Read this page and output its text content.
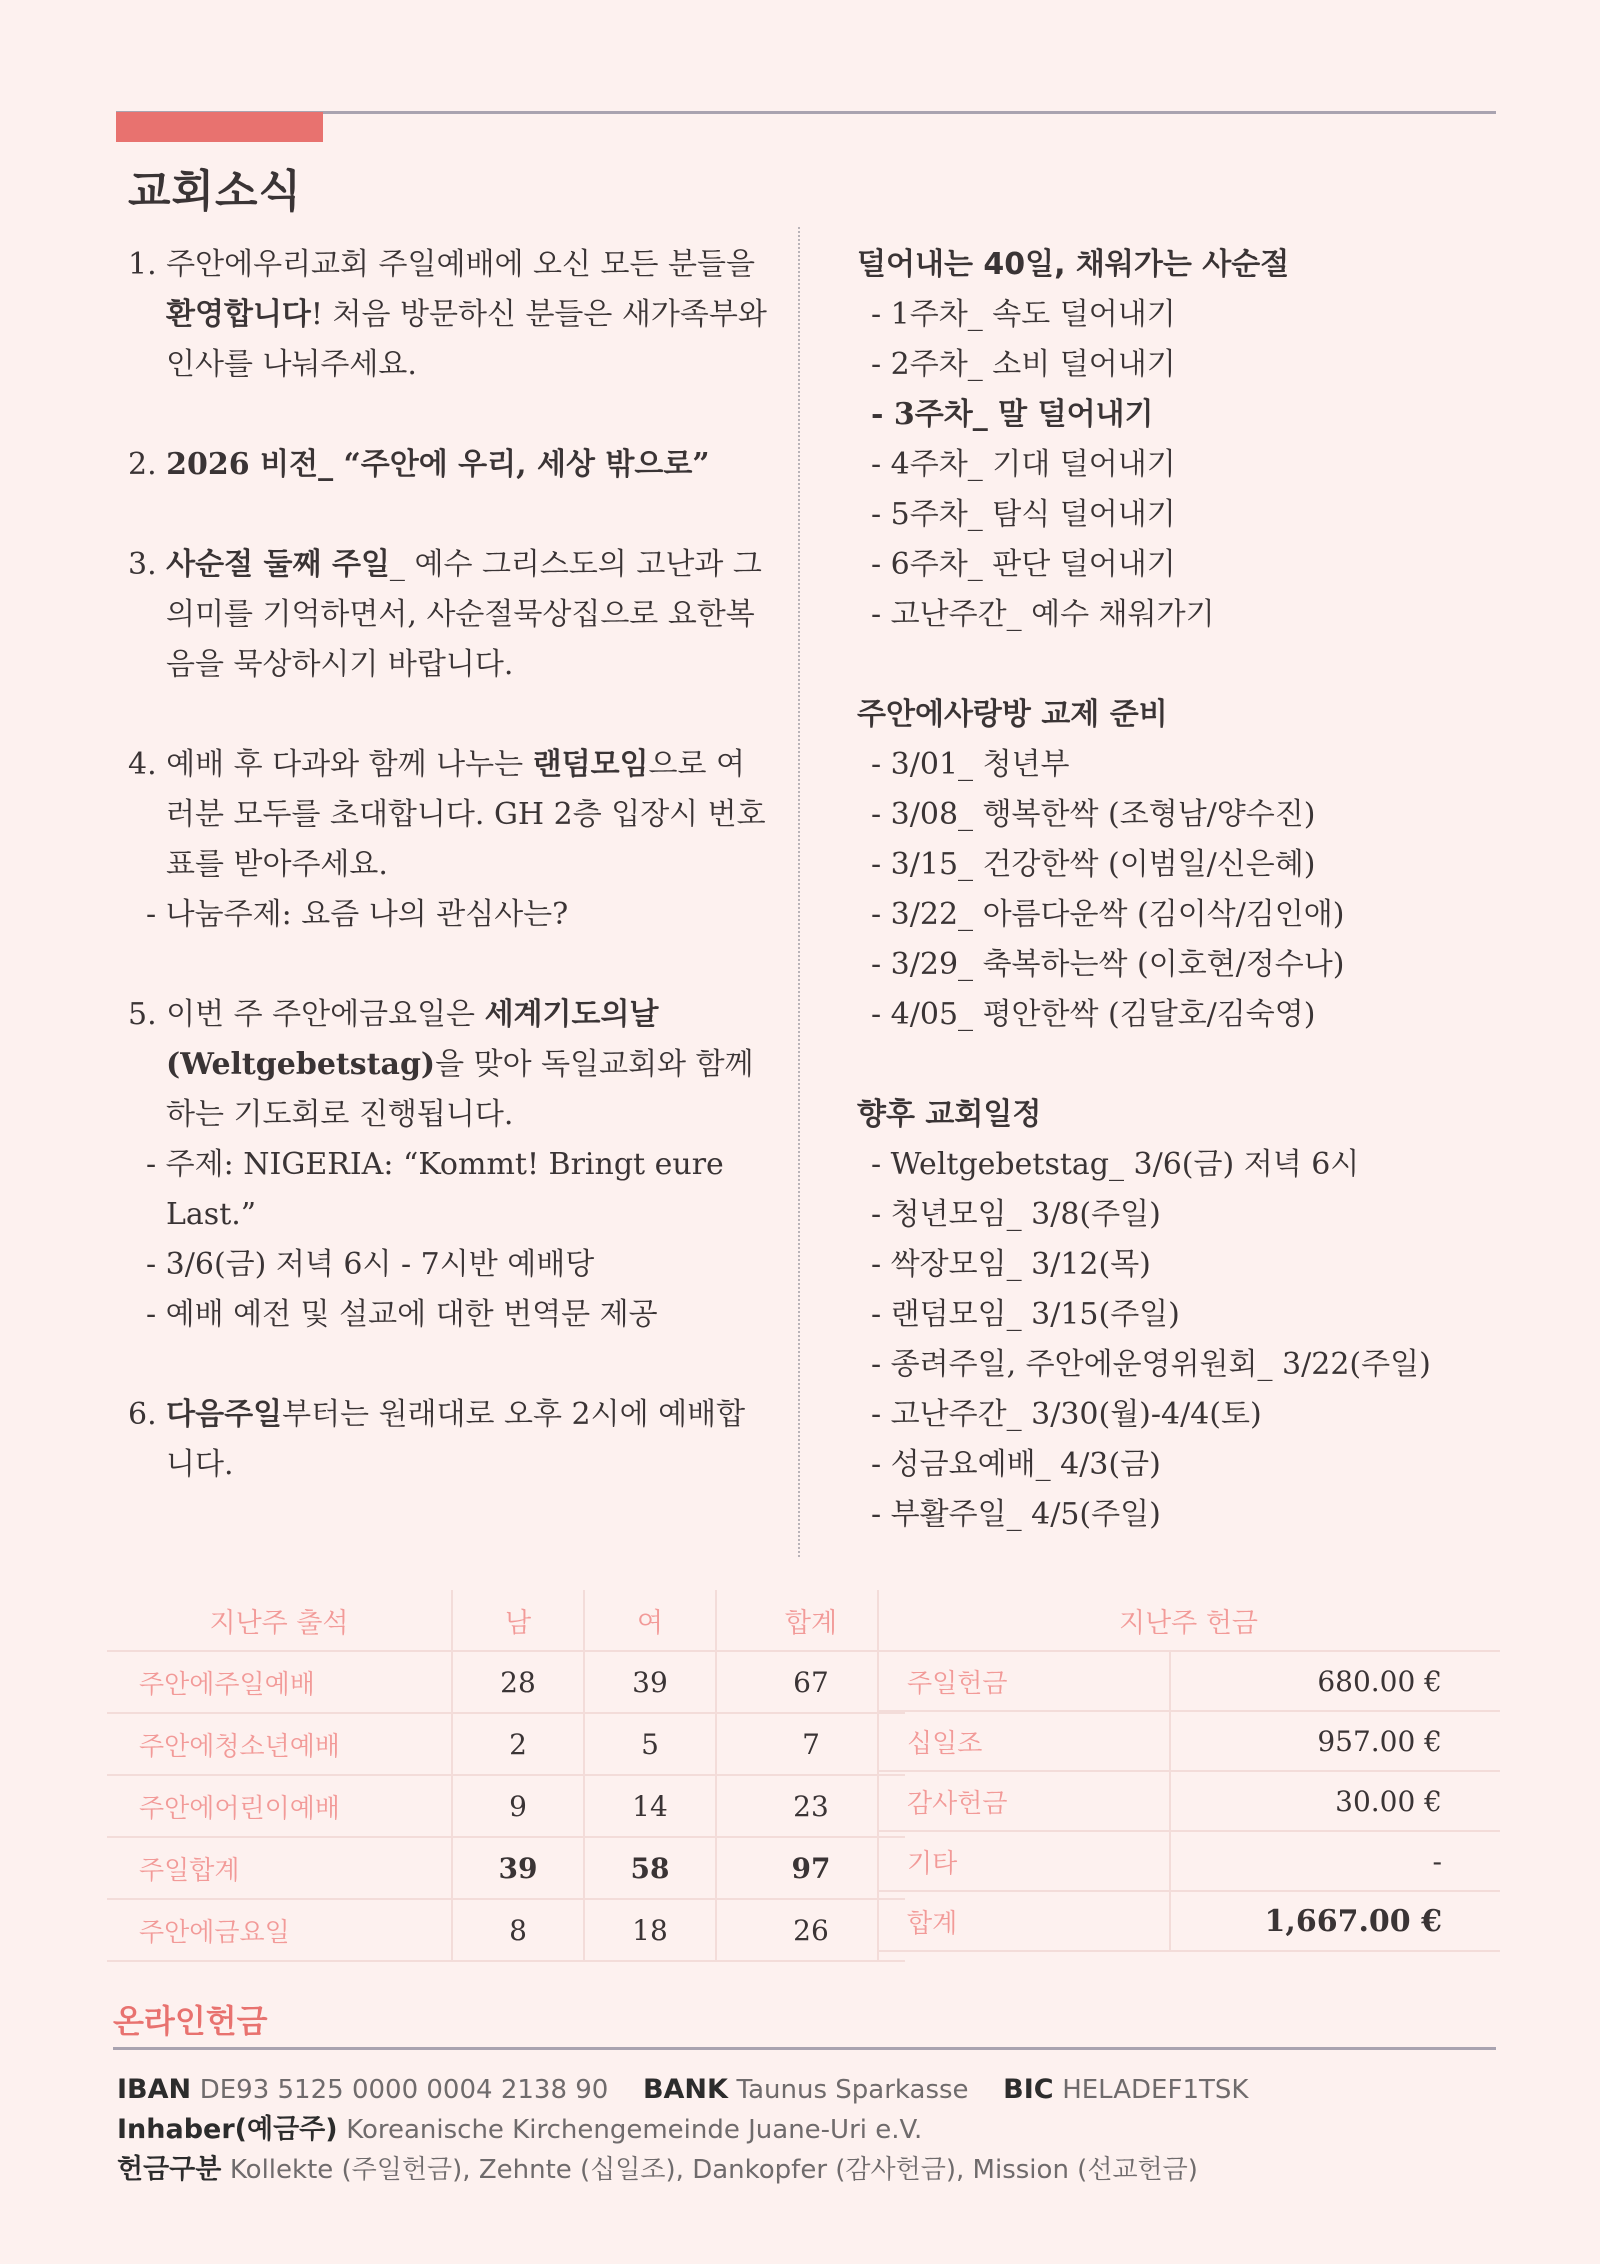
교회소식
1. 주안에우리교회 주일예배에 오신 모든 분들을 환영합니다! 처음 방문하신 분들은 새가족부와 인사를 나눠주세요.
2. 2026 비전_ “주안에 우리, 세상 밖으로”
3. 사순절 둘째 주일_ 예수 그리스도의 고난과 그 의미를 기억하면서, 사순절묵상집으로 요한복음을 묵상하시기 바랍니다.
4. 예배 후 다과와 함께 나누는 랜덤모임으로 여러분 모두를 초대합니다. GH 2층 입장시 번호표를 받아주세요.
- 나눔주제: 요즘 나의 관심사는?
5. 이번 주 주안에금요일은 세계기도의날(Weltgebetstag)을 맞아 독일교회와 함께 하는 기도회로 진행됩니다.
- 주제: NIGERIA: “Kommt! Bringt eure
Last.”
- 3/6(금) 저녁 6시 - 7시반 예배당
- 예배 예전 및 설교에 대한 번역문 제공
6. 다음주일부터는 원래대로 오후 2시에 예배합니다.
덜어내는 40일, 채워가는 사순절
- 1주차_ 속도 덜어내기
- 2주차_ 소비 덜어내기
- 3주차_ 말 덜어내기
- 4주차_ 기대 덜어내기
- 5주차_ 탐식 덜어내기
- 6주차_ 판단 덜어내기
- 고난주간_ 예수 채워가기
주안에사랑방 교제 준비
- 3/01_ 청년부
- 3/08_ 행복한싹 (조형남/양수진)
- 3/15_ 건강한싹 (이범일/신은혜)
- 3/22_ 아름다운싹 (김이삭/김인애)
- 3/29_ 축복하는싹 (이호현/정수나)
- 4/05_ 평안한싹 (김달호/김숙영)
향후 교회일정
- Weltgebetstag_ 3/6(금) 저녁 6시
- 청년모임_ 3/8(주일)
- 싹장모임_ 3/12(목)
- 랜덤모임_ 3/15(주일)
- 종려주일, 주안에운영위원회_ 3/22(주일)
- 고난주간_ 3/30(월)-4/4(토)
- 성금요예배_ 4/3(금)
- 부활주일_ 4/5(주일)
지난주 출석	남	여	합계
주안에주일예배	28	39	67
주안에청소년예배	2	5	7
주안에어린이예배	9	14	23
주일합계	39	58	97
주안에금요일	8	18	26
지난주 헌금	
주일헌금	680.00 €
십일조	957.00 €
감사헌금	30.00 €
기타	-
합계	1,667.00 €
온라인헌금
IBAN DE93 5125 0000 0004 2138 90 BANK Taunus Sparkasse BIC HELADEF1TSK
Inhaber(예금주) Koreanische Kirchengemeinde Juane-Uri e.V.
헌금구분 Kollekte (주일헌금), Zehnte (십일조), Dankopfer (감사헌금), Mission (선교헌금)
